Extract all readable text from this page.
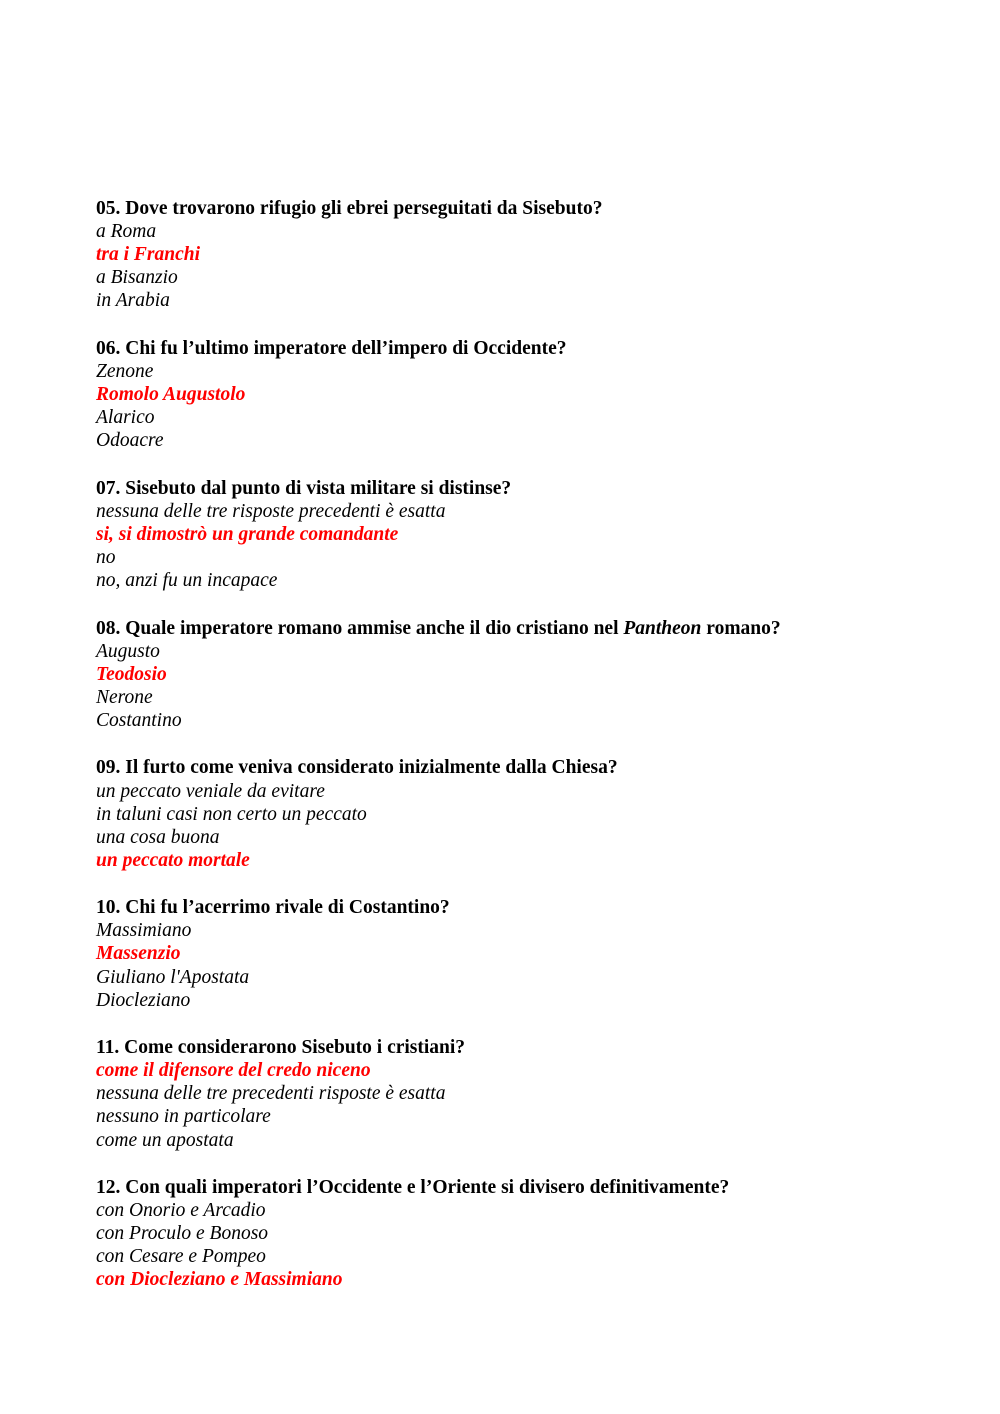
05. Dove trovarono rifugio gli ebrei perseguitati da Sisebuto?
a Roma
tra i Franchi
a Bisanzio
in Arabia
06. Chi fu l’ultimo imperatore dell’impero di Occidente?
Zenone
Romolo Augustolo
Alarico
Odoacre
07. Sisebuto dal punto di vista militare si distinse?
nessuna delle tre risposte precedenti è esatta
si, si dimostrò un grande comandante
no
no, anzi fu un incapace
08. Quale imperatore romano ammise anche il dio cristiano nel Pantheon romano?
Augusto
Teodosio
Nerone
Costantino
09. Il furto come veniva considerato inizialmente dalla Chiesa?
un peccato veniale da evitare
in taluni casi non certo un peccato
una cosa buona
un peccato mortale
10. Chi fu l’acerrimo rivale di Costantino?
Massimiano
Massenzio
Giuliano l'Apostata
Diocleziano
11. Come considerarono Sisebuto i cristiani?
come il difensore del credo niceno
nessuna delle tre precedenti risposte è esatta
nessuno in particolare
come un apostata
12. Con quali imperatori l’Occidente e l’Oriente si divisero definitivamente?
con Onorio e Arcadio
con Proculo e Bonoso
con Cesare e Pompeo
con Diocleziano e Massimiano
